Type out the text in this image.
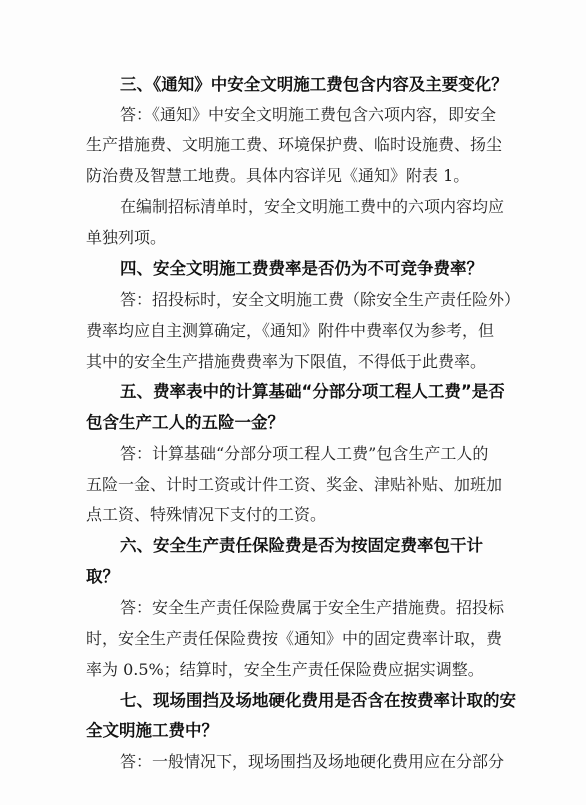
三、《通知》中安全文明施工费包含内容及主要变化？
答：《通知》中安全文明施工费包含六项内容，即安全
生产措施费、文明施工费、环境保护费、临时设施费、扬尘
防治费及智慧工地费。具体内容详见《通知》附表 1。
在编制招标清单时，安全文明施工费中的六项内容均应
单独列项。
四、安全文明施工费费率是否仍为不可竞争费率？
答：招投标时，安全文明施工费（除安全生产责任险外）
费率均应自主测算确定，《通知》附件中费率仅为参考，但
其中的安全生产措施费费率为下限值，不得低于此费率。
五、费率表中的计算基础“分部分项工程人工费”是否
包含生产工人的五险一金？
答：计算基础“分部分项工程人工费”包含生产工人的
五险一金、计时工资或计件工资、奖金、津贴补贴、加班加
点工资、特殊情况下支付的工资。
六、安全生产责任保险费是否为按固定费率包干计
取？
答：安全生产责任保险费属于安全生产措施费。招投标
时，安全生产责任保险费按《通知》中的固定费率计取，费
率为 0.5%；结算时，安全生产责任保险费应据实调整。
七、现场围挡及场地硬化费用是否含在按费率计取的安
全文明施工费中？
答：一般情况下，现场围挡及场地硬化费用应在分部分
